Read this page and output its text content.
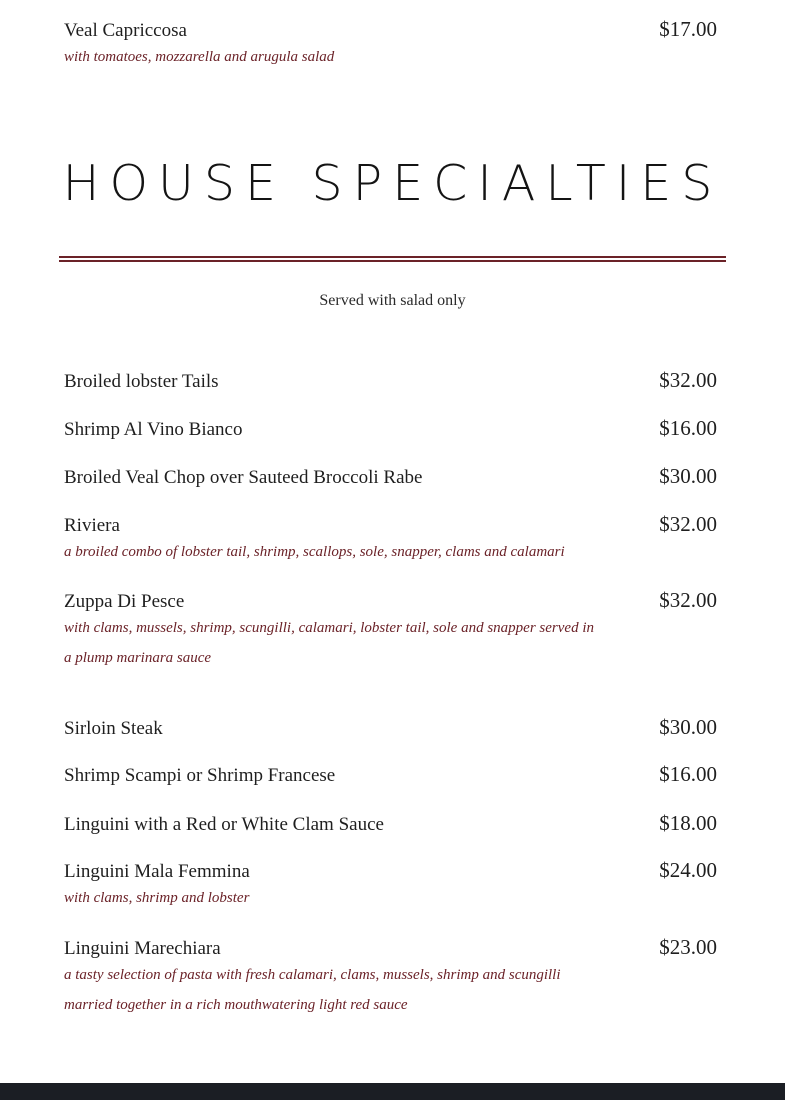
Veal Capriccosa	$17.00
with tomatoes, mozzarella and arugula salad
HOUSE SPECIALTIES
Served with salad only
Broiled lobster Tails	$32.00
Shrimp Al Vino Bianco	$16.00
Broiled Veal Chop over Sauteed Broccoli Rabe	$30.00
Riviera	$32.00
a broiled combo of lobster tail, shrimp, scallops, sole, snapper, clams and calamari
Zuppa Di Pesce	$32.00
with clams, mussels, shrimp, scungilli, calamari, lobster tail, sole and snapper served in a plump marinara sauce
Sirloin Steak	$30.00
Shrimp Scampi or Shrimp Francese	$16.00
Linguini with a Red or White Clam Sauce	$18.00
Linguini Mala Femmina	$24.00
with clams, shrimp and lobster
Linguini Marechiara	$23.00
a tasty selection of pasta with fresh calamari, clams, mussels, shrimp and scungilli married together in a rich mouthwatering light red sauce
